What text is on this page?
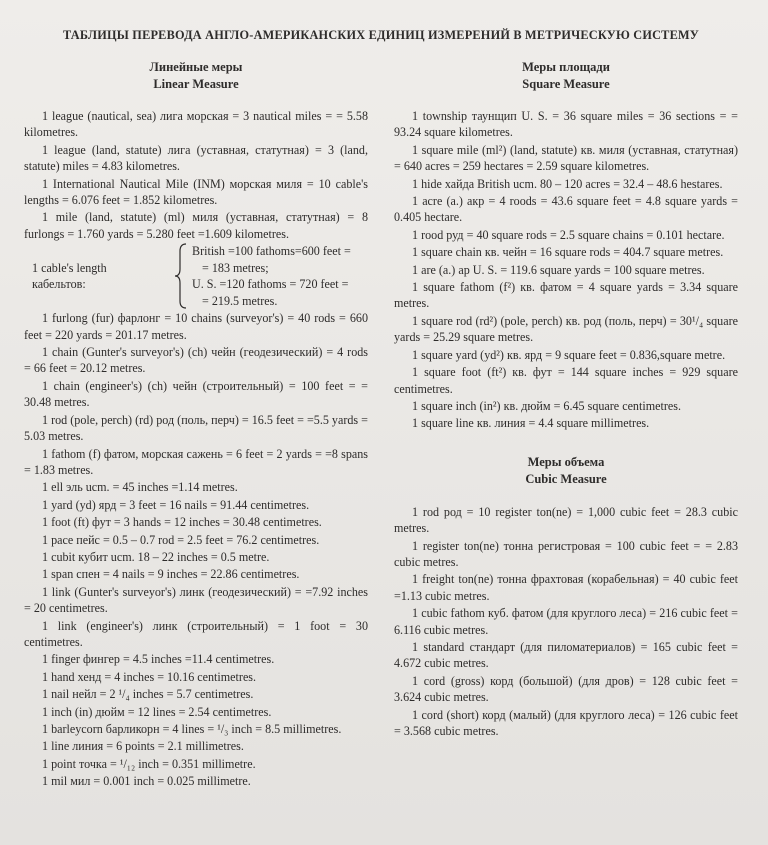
ТАБЛИЦЫ ПЕРЕВОДА АНГЛО-АМЕРИКАНСКИХ ЕДИНИЦ ИЗМЕРЕНИЙ В МЕТРИЧЕСКУЮ СИСТЕМУ
Линейные меры
Linear Measure

1 league (nautical, sea) лига морская = 3 nautical miles = = 5.58 kilometres.

1 league (land, statute) лига (уставная, статутная) = 3 (land, statute) miles = 4.83 kilometres.

1 International Nautical Mile (INM) морская миля = 10 cable's lengths = 6.076 feet = 1.852 kilometres.

1 mile (land, statute) (ml) миля (уставная, статутная) = 8 furlongs = 1.760 yards = 5.280 feet =1.609 kilometres.

1 cable's length
кабельтов:
British =100 fathoms=600 feet =
= 183 metres;
U. S. =120 fathoms = 720 feet =
= 219.5 metres.

1 furlong (fur) фарлонг = 10 chains (surveyor's) = 40 rods = 660 feet = 220 yards = 201.17 metres.

1 chain (Gunter's surveyor's) (ch) чейн (геодезический) = 4 rods = 66 feet = 20.12 metres.

1 chain (engineer's) (ch) чейн (строительный) = 100 feet = = 30.48 metres.

1 rod (pole, perch) (rd) род (поль, перч) = 16.5 feet = =5.5 yards = 5.03 metres.

1 fathom (f) фатом, морская сажень = 6 feet = 2 yards = =8 spans = 1.83 metres.

1 ell эль ucm. = 45 inches =1.14 metres.

1 yard (yd) ярд = 3 feet = 16 nails = 91.44 centimetres.

1 foot (ft) фут = 3 hands = 12 inches = 30.48 centimetres.

1 pace пейс = 0.5 – 0.7 rod = 2.5 feet = 76.2 centimetres.

1 cubit кубит ucm. 18 – 22 inches = 0.5 metre.

1 span спен = 4 nails = 9 inches = 22.86 centimetres.

1 link (Gunter's surveyor's) линк (геодезический) = =7.92 inches = 20 centimetres.

1 link (engineer's) линк (строительный) = 1 foot = 30 centimetres.

1 finger фингер = 4.5 inches =11.4 centimetres.

1 hand хенд = 4 inches = 10.16 centimetres.

1 nail нейл = 2 ¹/₄ inches = 5.7 centimetres.

1 inch (in) дюйм = 12 lines = 2.54 centimetres.

1 barleycorn барликорн = 4 lines = ¹/₃ inch = 8.5 millimetres.

1 line линия = 6 points = 2.1 millimetres.

1 point точка = ¹/₁₂ inch = 0.351 millimetre.

1 mil мил = 0.001 inch = 0.025 millimetre.

Меры площади
Square Measure

1 township таунщип U. S. = 36 square miles = 36 sections = = 93.24 square kilometres.

1 square mile (ml²) (land, statute) кв. миля (уставная, статутная) = 640 acres = 259 hectares = 2.59 square kilometres.

1 hide хайда British ucm. 80 – 120 acres = 32.4 – 48.6 hestares.

1 acre (a.) акр = 4 roods = 43.6 square feet = 4.8 square yards = 0.405 hectare.

1 rood руд = 40 square rods = 2.5 square chains = 0.101 hectare.

1 square chain кв. чейн = 16 square rods = 404.7 square metres.

1 are (a.) ар U. S. = 119.6 square yards = 100 square metres.

1 square fathom (f²) кв. фатом = 4 square yards = 3.34 square metres.

1 square rod (rd²) (pole, perch) кв. род (поль, перч) = 30¹/₄ square yards = 25.29 square metres.

1 square yard (yd²) кв. ярд = 9 square feet = 0.836,square metre.

1 square foot (ft²) кв. фут = 144 square inches = 929 square centimetres.

1 square inch (in²) кв. дюйм = 6.45 square centimetres.

1 square line кв. линия = 4.4 square millimetres.

Меры объема
Cubic Measure

1 rod род = 10 register ton(ne) = 1,000 cubic feet = 28.3 cubic metres.

1 register ton(ne) тонна регистровая = 100 cubic feet = = 2.83 cubic metres.

1 freight ton(ne) тонна фрахтовая (корабельная) = 40 cubic feet =1.13 cubic metres.

1 cubic fathom куб. фатом (для круглого леса) = 216 cubic feet = 6.116 cubic metres.

1 standard стандарт (для пиломатериалов) = 165 cubic feet = 4.672 cubic metres.

1 cord (gross) корд (большой) (для дров) = 128 cubic feet = 3.624 cubic metres.

1 cord (short) корд (малый) (для круглого леса) = 126 cubic feet = 3.568 cubic metres.
